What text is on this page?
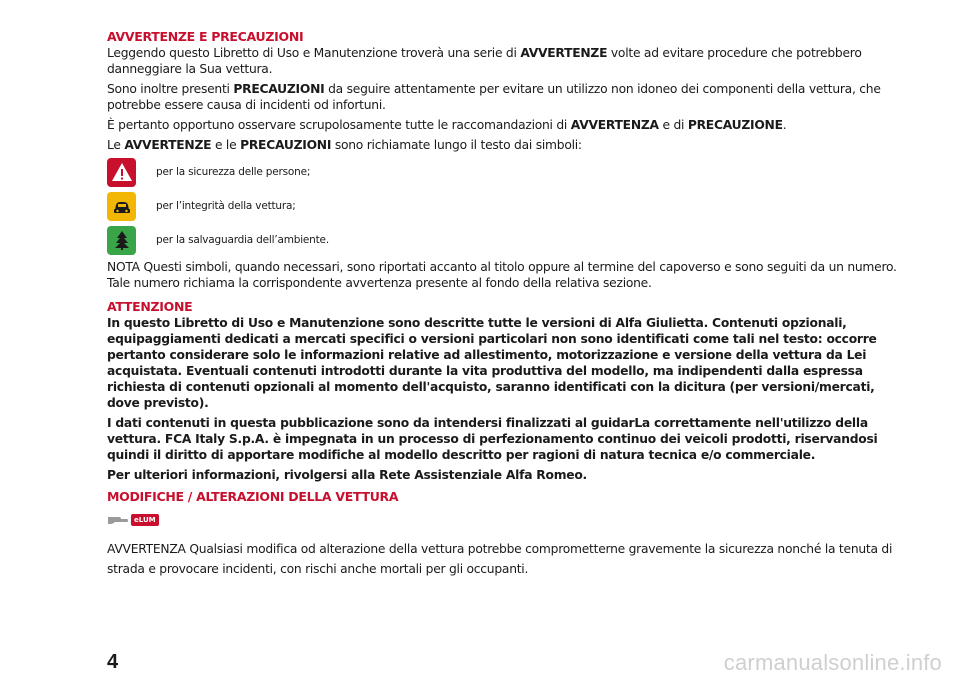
AVVERTENZE E PRECAUZIONI

Leggendo questo Libretto di Uso e Manutenzione troverà una serie di AVVERTENZE volte ad evitare procedure che potrebbero danneggiare la Sua vettura.

Sono inoltre presenti PRECAUZIONI da seguire attentamente per evitare un utilizzo non idoneo dei componenti della vettura, che potrebbe essere causa di incidenti od infortuni.

È pertanto opportuno osservare scrupolosamente tutte le raccomandazioni di AVVERTENZA e di PRECAUZIONE.

Le AVVERTENZE e le PRECAUZIONI sono richiamate lungo il testo dai simboli:

per la sicurezza delle persone;
per l’integrità della vettura;
per la salvaguardia dell’ambiente.

NOTA Questi simboli, quando necessari, sono riportati accanto al titolo oppure al termine del capoverso e sono seguiti da un numero. Tale numero richiama la corrispondente avvertenza presente al fondo della relativa sezione.

ATTENZIONE

In questo Libretto di Uso e Manutenzione sono descritte tutte le versioni di Alfa Giulietta. Contenuti opzionali, equipaggiamenti dedicati a mercati specifici o versioni particolari non sono identificati come tali nel testo: occorre pertanto considerare solo le informazioni relative ad allestimento, motorizzazione e versione della vettura da Lei acquistata. Eventuali contenuti introdotti durante la vita produttiva del modello, ma indipendenti dalla espressa richiesta di contenuti opzionali al momento dell'acquisto, saranno identificati con la dicitura (per versioni/mercati, dove previsto).

I dati contenuti in questa pubblicazione sono da intendersi finalizzati al guidarLa correttamente nell'utilizzo della vettura. FCA Italy S.p.A. è impegnata in un processo di perfezionamento continuo dei veicoli prodotti, riservandosi quindi il diritto di apportare modifiche al modello descritto per ragioni di natura tecnica e/o commerciale.

Per ulteriori informazioni, rivolgersi alla Rete Assistenziale Alfa Romeo.

MODIFICHE / ALTERAZIONI DELLA VETTURA
eLUM

AVVERTENZA Qualsiasi modifica od alterazione della vettura potrebbe comprometterne gravemente la sicurezza nonché la tenuta di strada e provocare incidenti, con rischi anche mortali per gli occupanti.

4	carmanualsonline.info
